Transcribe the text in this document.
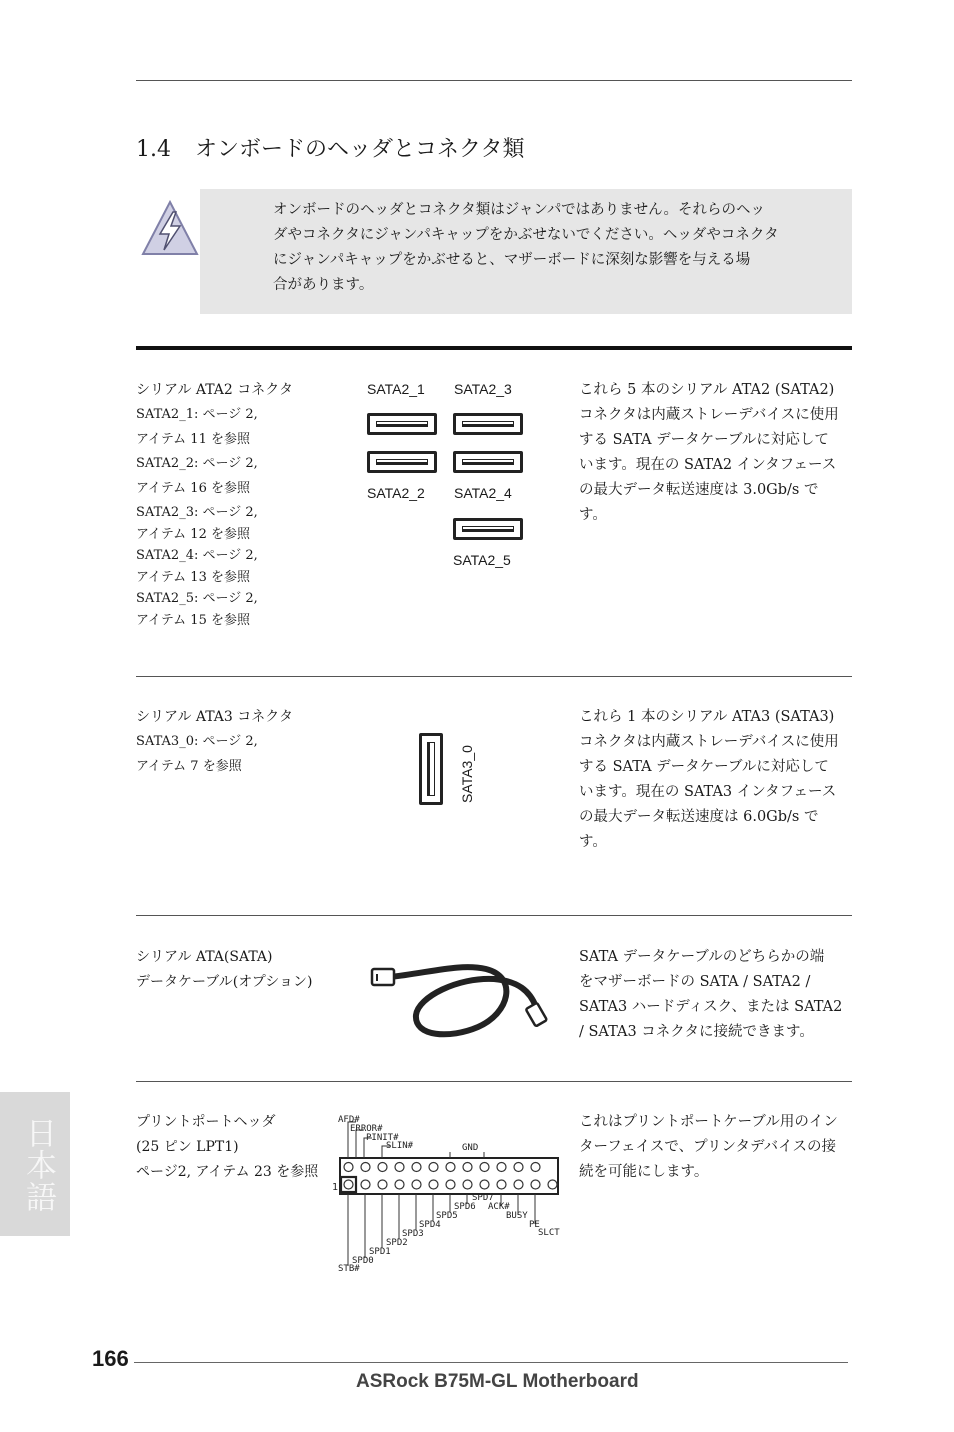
1.4 オンボードのヘッダとコネクタ類
オンボードのヘッダとコネクタ類はジャンパではありません。それらのヘッ
ダやコネクタにジャンパキャップをかぶせないでください。ヘッダやコネクタ
にジャンパキャップをかぶせると、マザーボードに深刻な影響を与える場
合があります。
シリアル ATA2 コネクタ
SATA2_1: ページ 2,
アイテム 11 を参照
SATA2_2: ページ 2,
アイテム 16 を参照
SATA2_3: ページ 2,
アイテム 12 を参照
SATA2_4: ページ 2,
アイテム 13 を参照
SATA2_5: ページ 2,
アイテム 15 を参照
SATA2_1 SATA2_3
SATA2_2 SATA2_4
SATA2_5
これら 5 本のシリアル ATA2 (SATA2)
コネクタは内蔵ストレーデバイスに使用
する SATA データケーブルに対応して
います。現在の SATA2 インタフェース
の最大データ転送速度は 3.0Gb/s で
す。
シリアル ATA3 コネクタ
SATA3_0: ページ 2,
アイテム 7 を参照	SATA3_0
これら 1 本のシリアル ATA3 (SATA3)
コネクタは内蔵ストレーデバイスに使用
する SATA データケーブルに対応して
います。現在の SATA3 インタフェース
の最大データ転送速度は 6.0Gb/s で
す。
シリアル ATA(SATA)
データケーブル(オプション)
SATA データケーブルのどちらかの端
をマザーボードの SATA / SATA2 /
SATA3 ハードディスク、または SATA2
/ SATA3 コネクタに接続できます。
プリントポートヘッダ
(25 ピン LPT1)
ページ2, アイテム 23 を参照
AFD#
ERROR#
PINIT#
SLIN#	GND
1
SPD7
SPD6 ACK#
SPD5	BUSY
SPD4	PE
SPD3	SLCT
SPD2
SPD1
SPD0
STB#
これはプリントポートケーブル用のイン
ターフェイスで、プリンタデバイスの接
続を可能にします。
日本語
166
ASRock B75M-GL Motherboard
